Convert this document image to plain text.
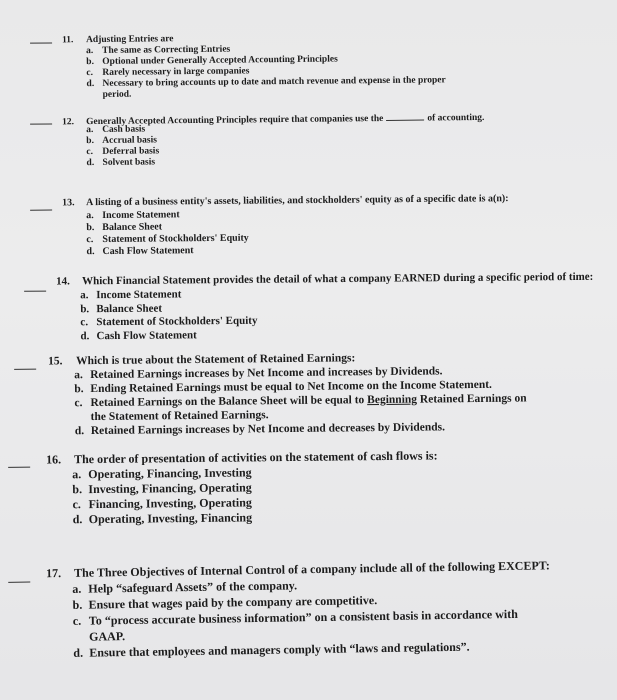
11. Adjusting Entries are
a. The same as Correcting Entries
b. Optional under Generally Accepted Accounting Principles
c. Rarely necessary in large companies
d. Necessary to bring accounts up to date and match revenue and expense in the proper
period.
12. Generally Accepted Accounting Principles require that companies use the	of accounting.
a. Cash basis
b. Accrual basis
c. Deferral basis
d. Solvent basis
13. A listing of a business entity's assets, liabilities, and stockholders' equity as of a specific date is a(n):
a. Income Statement
b. Balance Sheet
c. Statement of Stockholders' Equity
d. Cash Flow Statement
14. Which Financial Statement provides the detail of what a company EARNED during a specific period of time:
a. Income Statement
b. Balance Sheet
c. Statement of Stockholders' Equity
d. Cash Flow Statement
15. Which is true about the Statement of Retained Earnings:
a. Retained Earnings increases by Net Income and increases by Dividends.
b. Ending Retained Earnings must be equal to Net Income on the Income Statement.
c. Retained Earnings on the Balance Sheet will be equal to Beginning Retained Earnings on
the Statement of Retained Earnings.
d. Retained Earnings increases by Net Income and decreases by Dividends.
16. The order of presentation of activities on the statement of cash flows is:
a. Operating, Financing, Investing
b. Investing, Financing, Operating
c. Financing, Investing, Operating
d. Operating, Investing, Financing
17. The Three Objectives of Internal Control of a company include all of the following EXCEPT:
a. Help “safeguard Assets” of the company.
b. Ensure that wages paid by the company are competitive.
c. To “process accurate business information” on a consistent basis in accordance with
GAAP.
d. Ensure that employees and managers comply with “laws and regulations”.
